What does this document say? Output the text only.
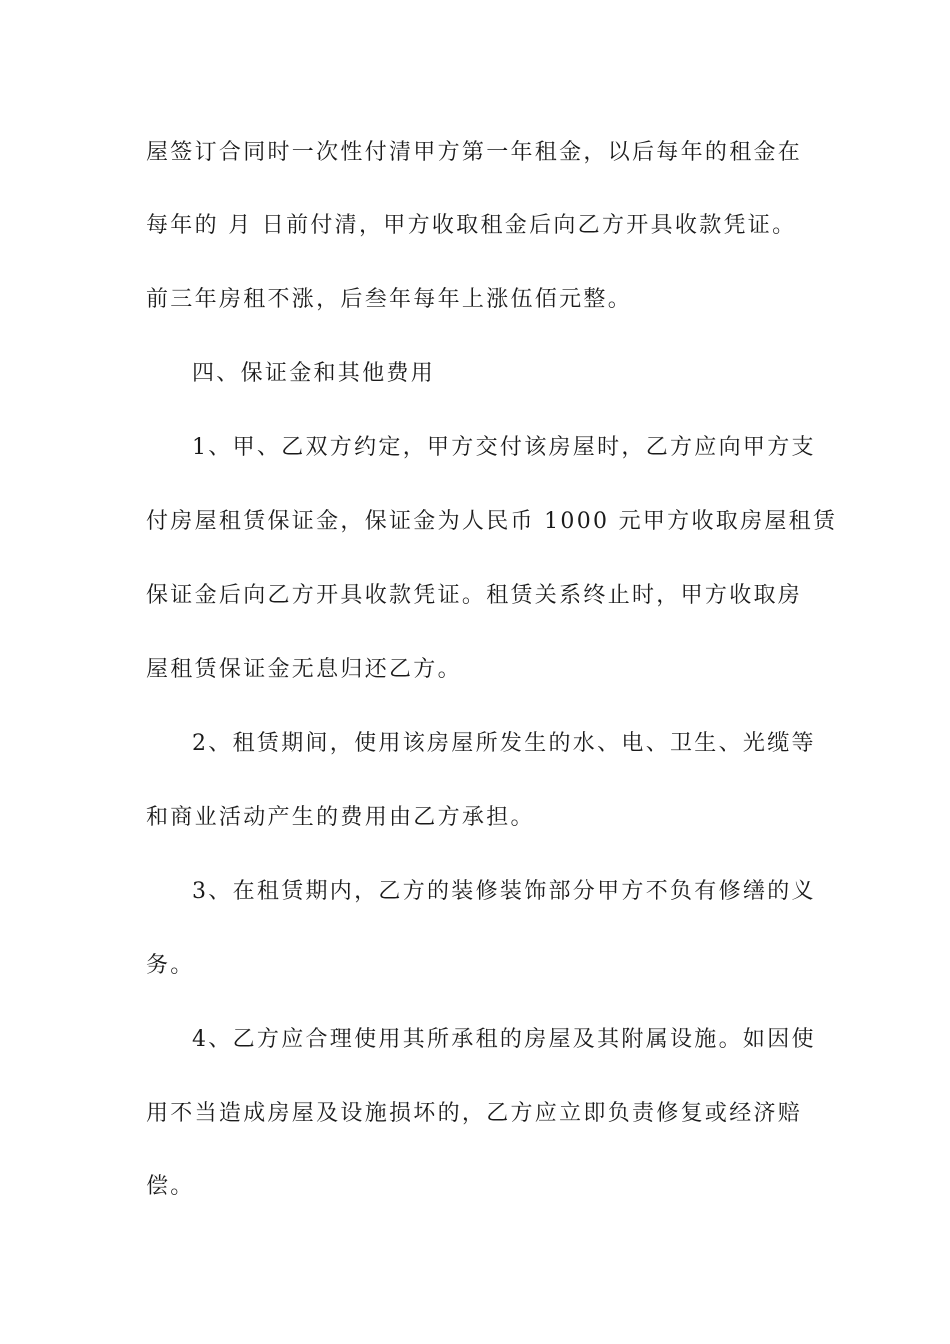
屋签订合同时一次性付清甲方第一年租金，以后每年的租金在
每年的 月 日前付清，甲方收取租金后向乙方开具收款凭证。
前三年房租不涨，后叁年每年上涨伍佰元整。
四、保证金和其他费用
1、甲、乙双方约定，甲方交付该房屋时，乙方应向甲方支
付房屋租赁保证金，保证金为人民币 1000 元甲方收取房屋租赁
保证金后向乙方开具收款凭证。租赁关系终止时，甲方收取房
屋租赁保证金无息归还乙方。
2、租赁期间，使用该房屋所发生的水、电、卫生、光缆等
和商业活动产生的费用由乙方承担。
3、在租赁期内，乙方的装修装饰部分甲方不负有修缮的义
务。
4、乙方应合理使用其所承租的房屋及其附属设施。如因使
用不当造成房屋及设施损坏的，乙方应立即负责修复或经济赔
偿。
